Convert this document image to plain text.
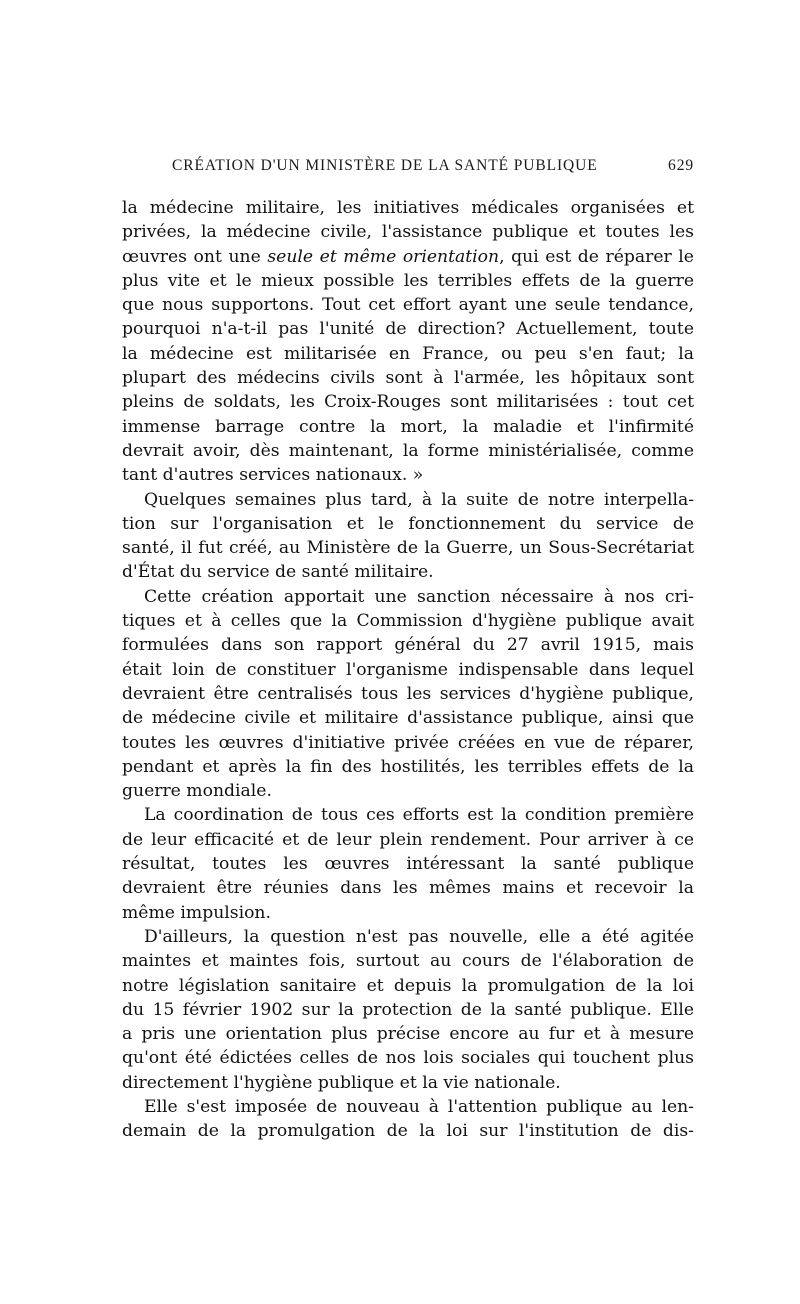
CRÉATION D'UN MINISTÈRE DE LA SANTÉ PUBLIQUE	629
la médecine militaire, les initiatives médicales organisées et
privées, la médecine civile, l'assistance publique et toutes les
œuvres ont une seule et même orientation, qui est de réparer le
plus vite et le mieux possible les terribles effets de la guerre
que nous supportons. Tout cet effort ayant une seule tendance,
pourquoi n'a-t-il pas l'unité de direction? Actuellement, toute
la médecine est militarisée en France, ou peu s'en faut; la
plupart des médecins civils sont à l'armée, les hôpitaux sont
pleins de soldats, les Croix-Rouges sont militarisées : tout cet
immense barrage contre la mort, la maladie et l'infirmité
devrait avoir, dès maintenant, la forme ministérialisée, comme
tant d'autres services nationaux. »
Quelques semaines plus tard, à la suite de notre interpella-
tion sur l'organisation et le fonctionnement du service de
santé, il fut créé, au Ministère de la Guerre, un Sous-Secrétariat
d'État du service de santé militaire.
Cette création apportait une sanction nécessaire à nos cri-
tiques et à celles que la Commission d'hygiène publique avait
formulées dans son rapport général du 27 avril 1915, mais
était loin de constituer l'organisme indispensable dans lequel
devraient être centralisés tous les services d'hygiène publique,
de médecine civile et militaire d'assistance publique, ainsi que
toutes les œuvres d'initiative privée créées en vue de réparer,
pendant et après la fin des hostilités, les terribles effets de la
guerre mondiale.
La coordination de tous ces efforts est la condition première
de leur efficacité et de leur plein rendement. Pour arriver à ce
résultat, toutes les œuvres intéressant la santé publique
devraient être réunies dans les mêmes mains et recevoir la
même impulsion.
D'ailleurs, la question n'est pas nouvelle, elle a été agitée
maintes et maintes fois, surtout au cours de l'élaboration de
notre législation sanitaire et depuis la promulgation de la loi
du 15 février 1902 sur la protection de la santé publique. Elle
a pris une orientation plus précise encore au fur et à mesure
qu'ont été édictées celles de nos lois sociales qui touchent plus
directement l'hygiène publique et la vie nationale.
Elle s'est imposée de nouveau à l'attention publique au len-
demain de la promulgation de la loi sur l'institution de dis-
